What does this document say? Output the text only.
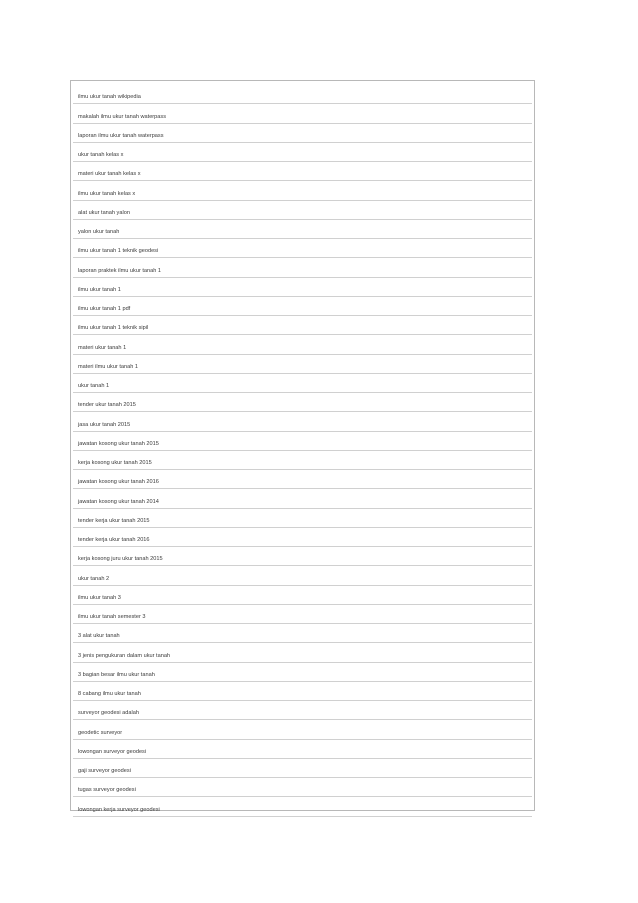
ilmu ukur tanah wikipedia
makalah ilmu ukur tanah waterpass
laporan ilmu ukur tanah waterpass
ukur tanah kelas x
materi ukur tanah kelas x
ilmu ukur tanah kelas x
alat ukur tanah yalon
yalon ukur tanah
ilmu ukur tanah 1 teknik geodesi
laporan praktek ilmu ukur tanah 1
ilmu ukur tanah 1
ilmu ukur tanah 1 pdf
ilmu ukur tanah 1 teknik sipil
materi ukur tanah 1
materi ilmu ukur tanah 1
ukur tanah 1
tender ukur tanah 2015
jasa ukur tanah 2015
jawatan kosong ukur tanah 2015
kerja kosong ukur tanah 2015
jawatan kosong ukur tanah 2016
jawatan kosong ukur tanah 2014
tender kerja ukur tanah 2015
tender kerja ukur tanah 2016
kerja kosong juru ukur tanah 2015
ukur tanah 2
ilmu ukur tanah 3
ilmu ukur tanah semester 3
3 alat ukur tanah
3 jenis pengukuran dalam ukur tanah
3 bagian besar ilmu ukur tanah
8 cabang ilmu ukur tanah
surveyor geodesi adalah
geodetic surveyor
lowongan surveyor geodesi
gaji surveyor geodesi
tugas surveyor geodesi
lowongan kerja surveyor geodesi
